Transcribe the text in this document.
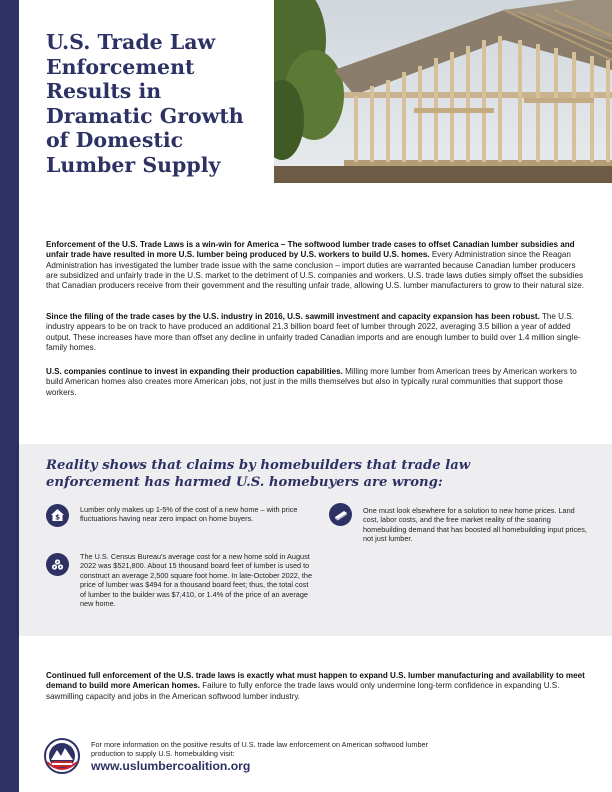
U.S. Trade Law Enforcement Results in Dramatic Growth of Domestic Lumber Supply

Enforcement of the U.S. Trade Laws is a win-win for America – The softwood lumber trade cases to offset Canadian lumber subsidies and unfair trade have resulted in more U.S. lumber being produced by U.S. workers to build U.S. homes. Every Administration since the Reagan Administration has investigated the lumber trade issue with the same conclusion – import duties are warranted because Canadian lumber producers are subsidized and unfairly trade in the U.S. market to the detriment of U.S. companies and workers. U.S. trade laws duties simply offset the subsidies that Canadian producers receive from their government and the resulting unfair trade, allowing U.S. lumber manufacturers to grow to their natural size.

Since the filing of the trade cases by the U.S. industry in 2016, U.S. sawmill investment and capacity expansion has been robust. The U.S. industry appears to be on track to have produced an additional 21.3 billion board feet of lumber through 2022, averaging 3.5 billion a year of added output. These increases have more than offset any decline in unfairly traded Canadian imports and are enough lumber to build over 1.4 million single-family homes.

U.S. companies continue to invest in expanding their production capabilities. Milling more lumber from American trees by American workers to build American homes also creates more American jobs, not just in the mills themselves but also in typically rural communities that support those workers.

Reality shows that claims by homebuilders that trade law enforcement has harmed U.S. homebuyers are wrong:
$

Lumber only makes up 1-5% of the cost of a new home – with price fluctuations having near zero impact on home buyers.

One must look elsewhere for a solution to new home prices. Land cost, labor costs, and the free market reality of the soaring homebuilding demand that has boosted all homebuilding input prices, not just lumber.

The U.S. Census Bureau's average cost for a new home sold in August 2022 was $521,800. About 15 thousand board feet of lumber is used to construct an average 2,500 square foot home. In late-October 2022, the price of lumber was $494 for a thousand board feet; thus, the total cost of lumber to the builder was $7,410, or 1.4% of the price of an average new home.

Continued full enforcement of the U.S. trade laws is exactly what must happen to expand U.S. lumber manufacturing and availability to meet demand to build more American homes. Failure to fully enforce the trade laws would only undermine long-term confidence in expanding U.S. sawmilling capacity and jobs in the American softwood lumber industry.

For more information on the positive results of U.S. trade law enforcement on American softwood lumber production to supply U.S. homebuilding visit:

www.uslumbercoalition.org
